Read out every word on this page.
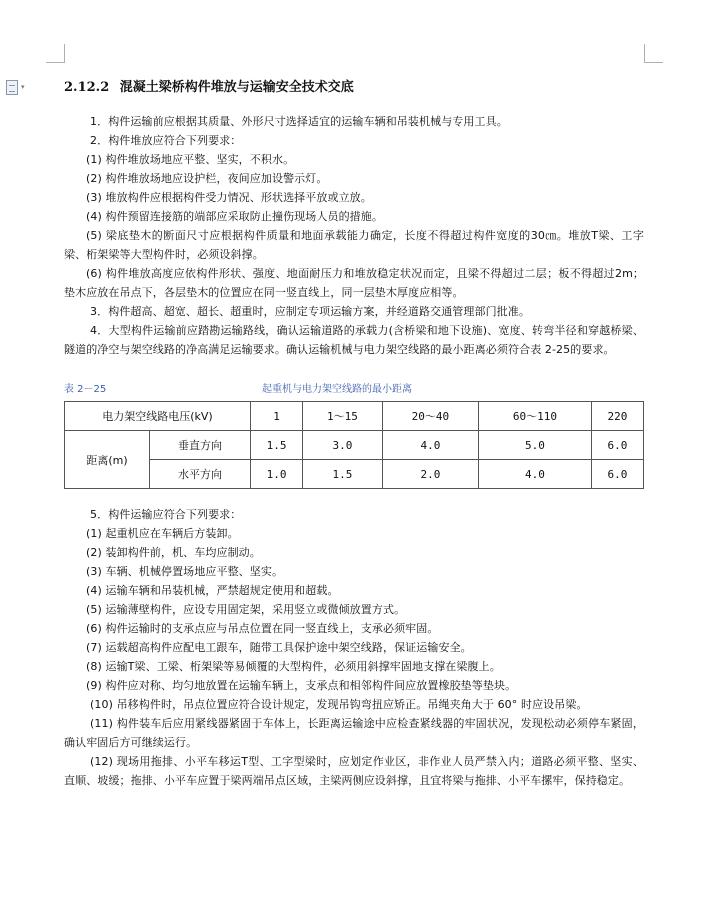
▾	2.12.2 混凝土梁桥构件堆放与运输安全技术交底

1．构件运输前应根据其质量、外形尺寸选择适宜的运输车辆和吊装机械与专用工具。

2．构件堆放应符合下列要求：

(1) 构件堆放场地应平整、坚实，不积水。

(2) 构件堆放场地应设护栏，夜间应加设警示灯。

(3) 堆放构件应根据构件受力情况、形状选择平放或立放。

(4) 构件预留连接筋的端部应采取防止撞伤现场人员的措施。

(5) 梁底垫木的断面尺寸应根据构件质量和地面承载能力确定，长度不得超过构件宽度的30㎝。堆放T梁、工字梁、桁架梁等大型构件时，必须设斜撑。

(6) 构件堆放高度应依构件形状、强度、地面耐压力和堆放稳定状况而定，且梁不得超过二层；板不得超过2m；垫木应放在吊点下，各层垫木的位置应在同一竖直线上，同一层垫木厚度应相等。

3．构件超高、超宽、超长、超重时，应制定专项运输方案，并经道路交通管理部门批准。

4．大型构件运输前应踏勘运输路线，确认运输道路的承载力(含桥梁和地下设施)、宽度、转弯半径和穿越桥梁、隧道的净空与架空线路的净高满足运输要求。确认运输机械与电力架空线路的最小距离必须符合表 2-25的要求。

表 2－25	起重机与电力架空线路的最小距离
电力架空线路电压(kV)		1	1～15	20～40	60～110	220
距离(m)	垂直方向	1.5	3.0	4.0	5.0	6.0
	水平方向	1.0	1.5	2.0	4.0	6.0

5．构件运输应符合下列要求：

(1) 起重机应在车辆后方装卸。

(2) 装卸构件前，机、车均应制动。

(3) 车辆、机械停置场地应平整、坚实。

(4) 运输车辆和吊装机械，严禁超规定使用和超载。

(5) 运输薄壁构件，应设专用固定架，采用竖立或微倾放置方式。

(6) 构件运输时的支承点应与吊点位置在同一竖直线上，支承必须牢固。

(7) 运载超高构件应配电工跟车，随带工具保护途中架空线路，保证运输安全。

(8) 运输T梁、工梁、桁架梁等易倾覆的大型构件，必须用斜撑牢固地支撑在梁腹上。

(9) 构件应对称、均匀地放置在运输车辆上，支承点和相邻构件间应放置橡胶垫等垫块。

(10) 吊移构件时，吊点位置应符合设计规定，发现吊钩弯扭应矫正。吊绳夹角大于 60° 时应设吊梁。

(11) 构件装车后应用紧线器紧固于车体上，长距离运输途中应检查紧线器的牢固状况，发现松动必须停车紧固，确认牢固后方可继续运行。

(12) 现场用拖排、小平车移运T型、工字型梁时，应划定作业区，非作业人员严禁入内；道路必须平整、坚实、直顺、坡缓；拖排、小平车应置于梁两端吊点区域，主梁两侧应设斜撑，且宜将梁与拖排、小平车摞牢，保持稳定。
